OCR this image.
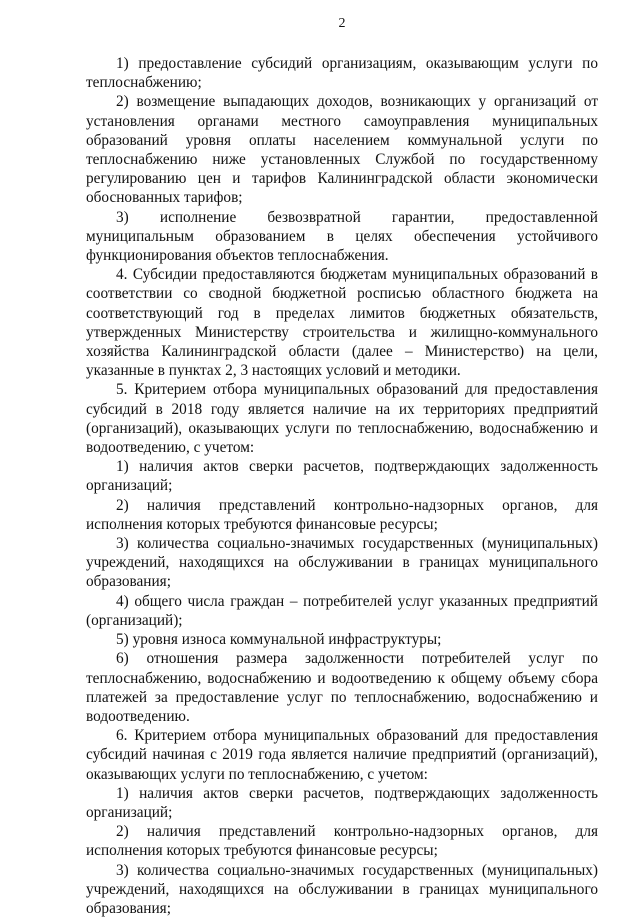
2

1) предоставление субсидий организациям, оказывающим услуги по теплоснабжению;

2) возмещение выпадающих доходов, возникающих у организаций от установления органами местного самоуправления муниципальных образований уровня оплаты населением коммунальной услуги по теплоснабжению ниже установленных Службой по государственному регулированию цен и тарифов Калининградской области экономически обоснованных тарифов;

3) исполнение безвозвратной гарантии, предоставленной муниципальным образованием в целях обеспечения устойчивого функционирования объектов теплоснабжения.

4. Субсидии предоставляются бюджетам муниципальных образований в соответствии со сводной бюджетной росписью областного бюджета на соответствующий год в пределах лимитов бюджетных обязательств, утвержденных Министерству строительства и жилищно-коммунального хозяйства Калининградской области (далее – Министерство) на цели, указанные в пунктах 2, 3 настоящих условий и методики.

5. Критерием отбора муниципальных образований для предоставления субсидий в 2018 году является наличие на их территориях предприятий (организаций), оказывающих услуги по теплоснабжению, водоснабжению и водоотведению, с учетом:

1) наличия актов сверки расчетов, подтверждающих задолженность организаций;

2) наличия представлений контрольно-надзорных органов, для исполнения которых требуются финансовые ресурсы;

3) количества социально-значимых государственных (муниципальных) учреждений, находящихся на обслуживании в границах муниципального образования;

4) общего числа граждан – потребителей услуг указанных предприятий (организаций);

5) уровня износа коммунальной инфраструктуры;

6) отношения размера задолженности потребителей услуг по теплоснабжению, водоснабжению и водоотведению к общему объему сбора платежей за предоставление услуг по теплоснабжению, водоснабжению и водоотведению.

6. Критерием отбора муниципальных образований для предоставления субсидий начиная с 2019 года является наличие предприятий (организаций), оказывающих услуги по теплоснабжению, с учетом:

1) наличия актов сверки расчетов, подтверждающих задолженность организаций;

2) наличия представлений контрольно-надзорных органов, для исполнения которых требуются финансовые ресурсы;

3) количества социально-значимых государственных (муниципальных) учреждений, находящихся на обслуживании в границах муниципального образования;
